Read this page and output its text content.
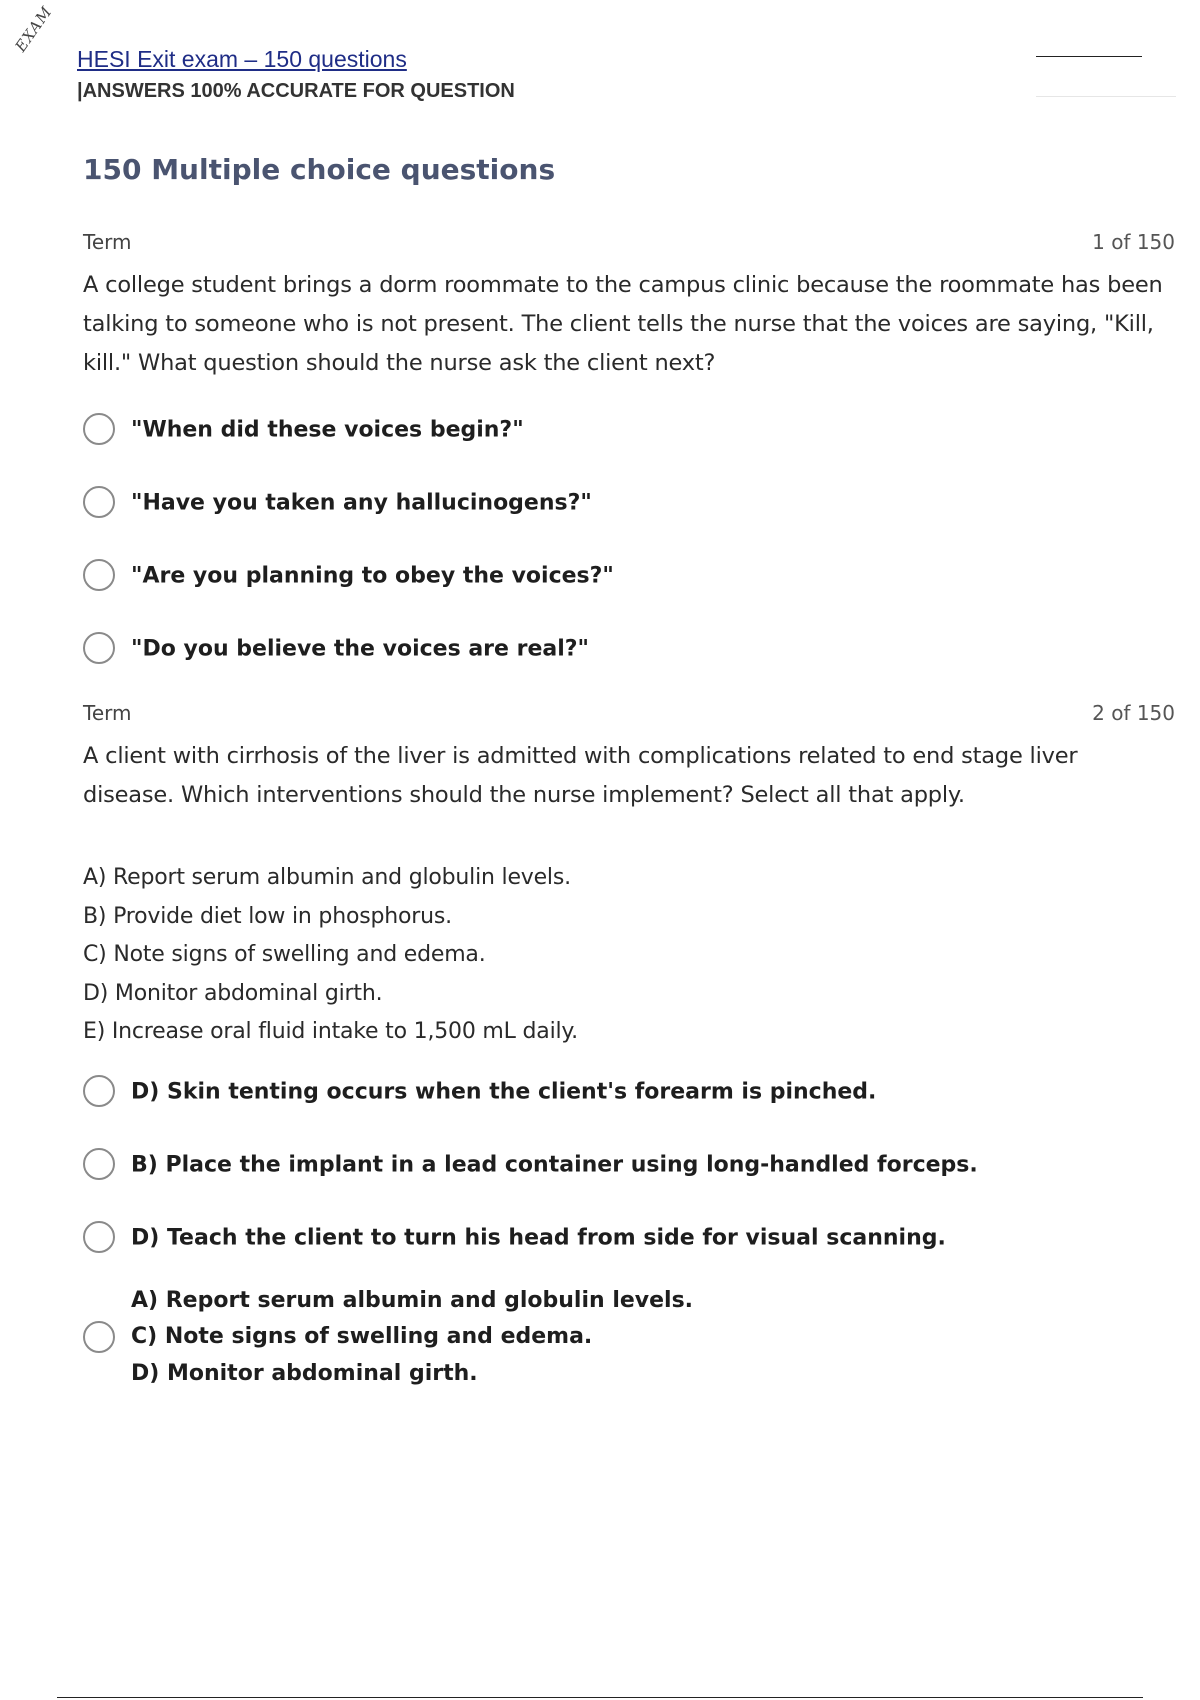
EXAM
HESI Exit exam – 150 questions
|ANSWERS 100% ACCURATE FOR QUESTION
150 Multiple choice questions
Term	1 of 150

A college student brings a dorm roommate to the campus clinic because the roommate has been talking to someone who is not present. The client tells the nurse that the voices are saying, "Kill, kill." What question should the nurse ask the client next?

"When did these voices begin?"
"Have you taken any hallucinogens?"
"Are you planning to obey the voices?"
"Do you believe the voices are real?"
Term	2 of 150

A client with cirrhosis of the liver is admitted with complications related to end stage liver disease. Which interventions should the nurse implement? Select all that apply.

A) Report serum albumin and globulin levels.
B) Provide diet low in phosphorus.
C) Note signs of swelling and edema.
D) Monitor abdominal girth.
E) Increase oral fluid intake to 1,500 mL daily.
D) Skin tenting occurs when the client's forearm is pinched.
B) Place the implant in a lead container using long-handled forceps.
D) Teach the client to turn his head from side for visual scanning.
A) Report serum albumin and globulin levels.
C) Note signs of swelling and edema.
D) Monitor abdominal girth.
